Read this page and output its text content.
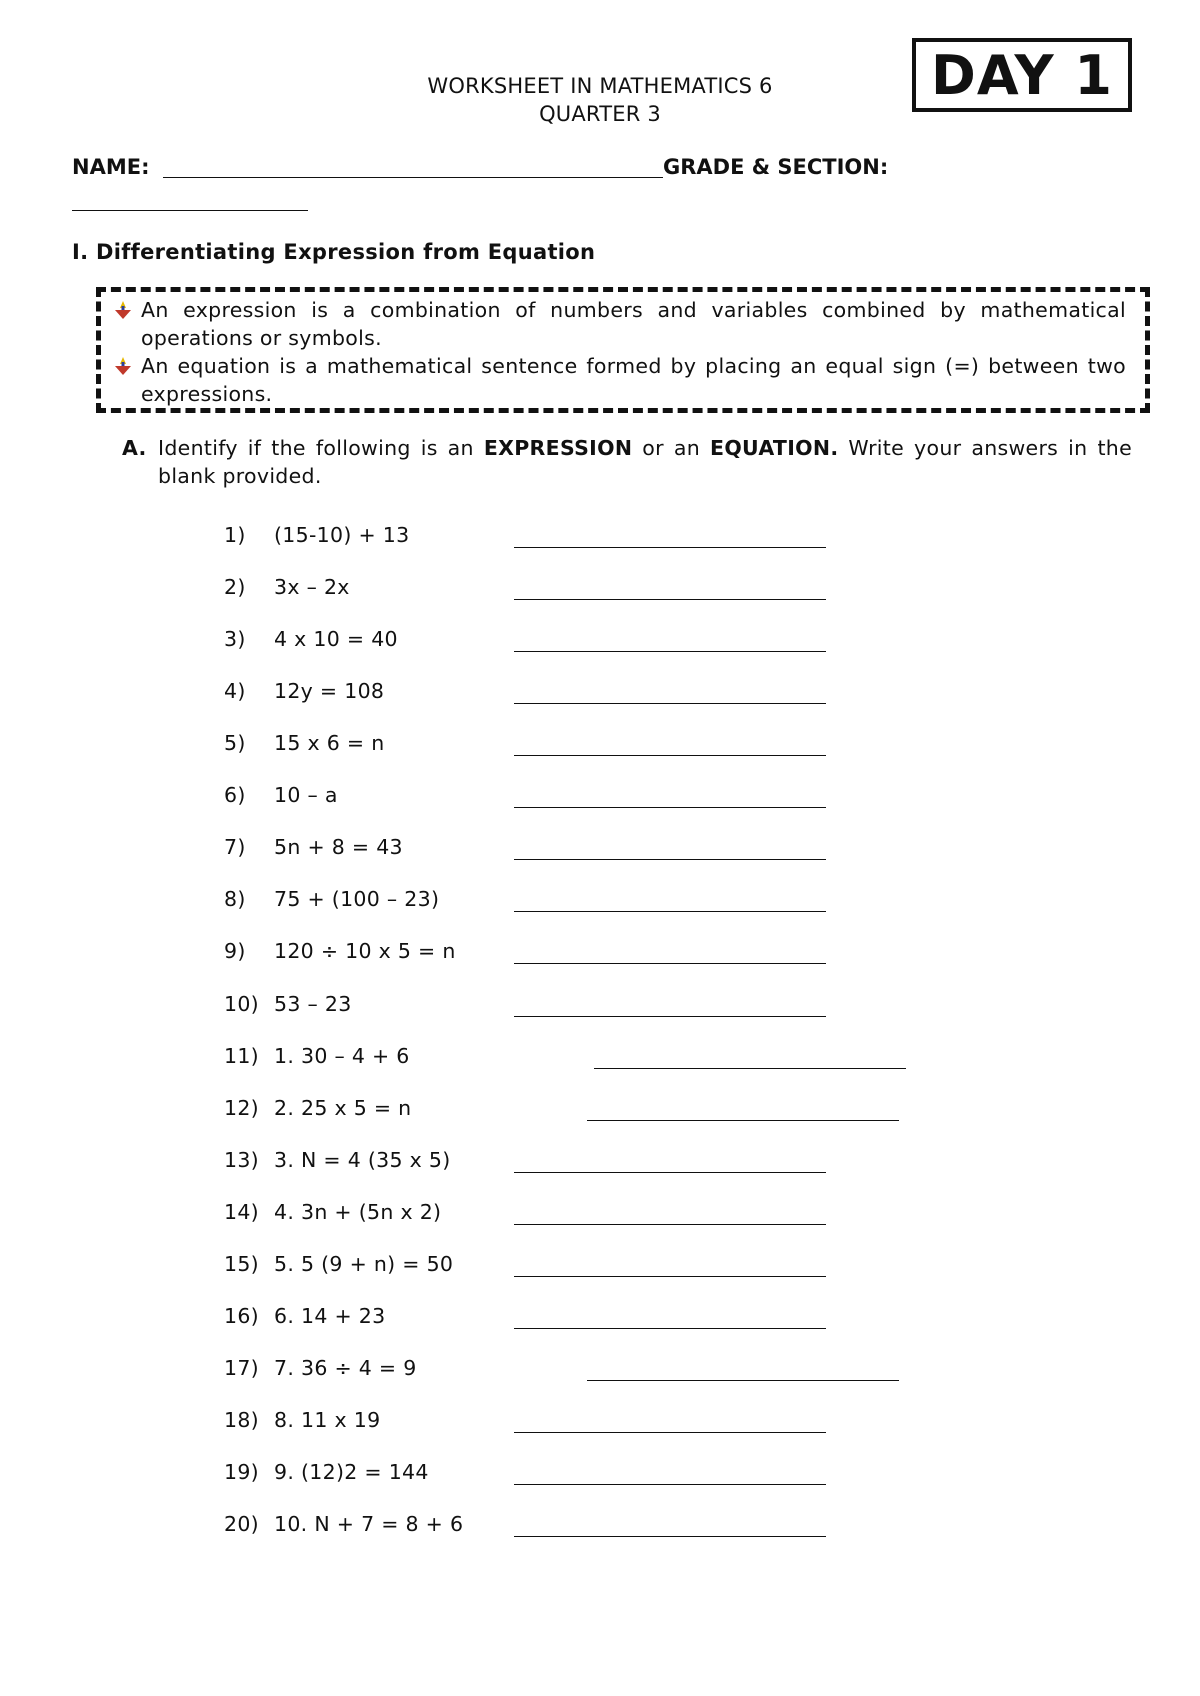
WORKSHEET IN MATHEMATICS 6
QUARTER 3
DAY 1
NAME:	GRADE & SECTION:
I. Differentiating Expression from Equation
An expression is a combination of numbers and variables combined by mathematical operations or symbols.
An equation is a mathematical sentence formed by placing an equal sign (=) between two expressions.
A. Identify if the following is an EXPRESSION or an EQUATION. Write your answers in the blank provided.
1) (15-10) + 13
2) 3x – 2x
3) 4 x 10 = 40
4) 12y = 108
5) 15 x 6 = n
6) 10 – a
7) 5n + 8 = 43
8) 75 + (100 – 23)
9) 120 ÷ 10 x 5 = n
10) 53 – 23
11) 1. 30 – 4 + 6
12) 2. 25 x 5 = n
13) 3. N = 4 (35 x 5)
14) 4. 3n + (5n x 2)
15) 5. 5 (9 + n) = 50
16) 6. 14 + 23
17) 7. 36 ÷ 4 = 9
18) 8. 11 x 19
19) 9. (12)2 = 144
20) 10. N + 7 = 8 + 6
